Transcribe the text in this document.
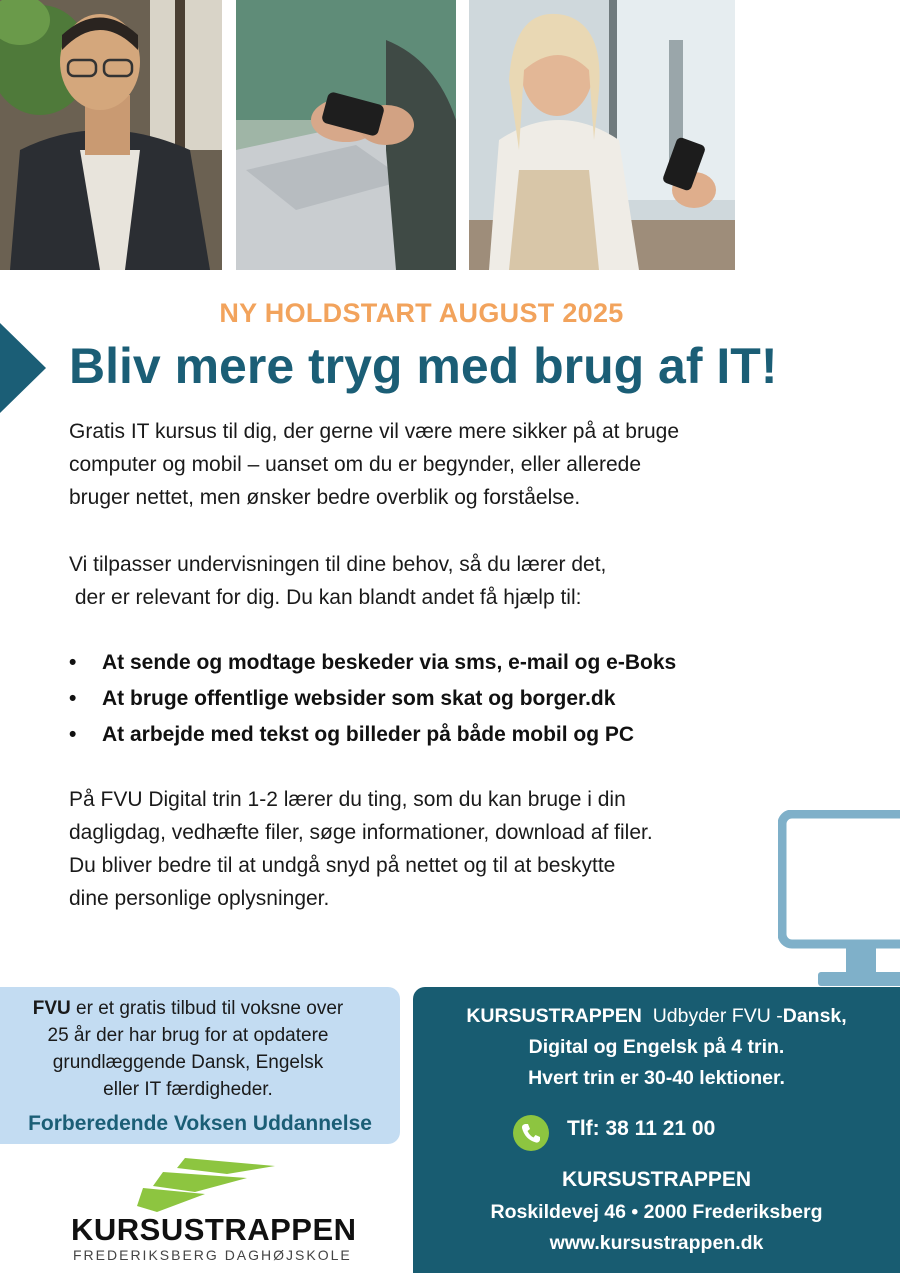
NY HOLDSTART AUGUST 2025
Bliv mere tryg med brug af IT!
Gratis IT kursus til dig, der gerne vil være mere sikker på at bruge
computer og mobil – uanset om du er begynder, eller allerede
bruger nettet, men ønsker bedre overblik og forståelse.
Vi tilpasser undervisningen til dine behov, så du lærer det,
der er relevant for dig. Du kan blandt andet få hjælp til:
• At sende og modtage beskeder via sms, e-mail og e-Boks
• At bruge offentlige websider som skat og borger.dk
• At arbejde med tekst og billeder på både mobil og PC
På FVU Digital trin 1-2 lærer du ting, som du kan bruge i din
dagligdag, vedhæfte filer, søge informationer, download af filer.
Du bliver bedre til at undgå snyd på nettet og til at beskytte
dine personlige oplysninger.
FVU er et gratis tilbud til voksne over
25 år der har brug for at opdatere
grundlæggende Dansk, Engelsk
eller IT færdigheder.
Forberedende Voksen Uddannelse
KURSUSTRAPPEN
FREDERIKSBERG DAGHØJSKOLE
KURSUSTRAPPEN Udbyder FVU -Dansk,
Digital og Engelsk på 4 trin.
Hvert trin er 30-40 lektioner.
Tlf: 38 11 21 00
KURSUSTRAPPEN
Roskildevej 46 • 2000 Frederiksberg
www.kursustrappen.dk
